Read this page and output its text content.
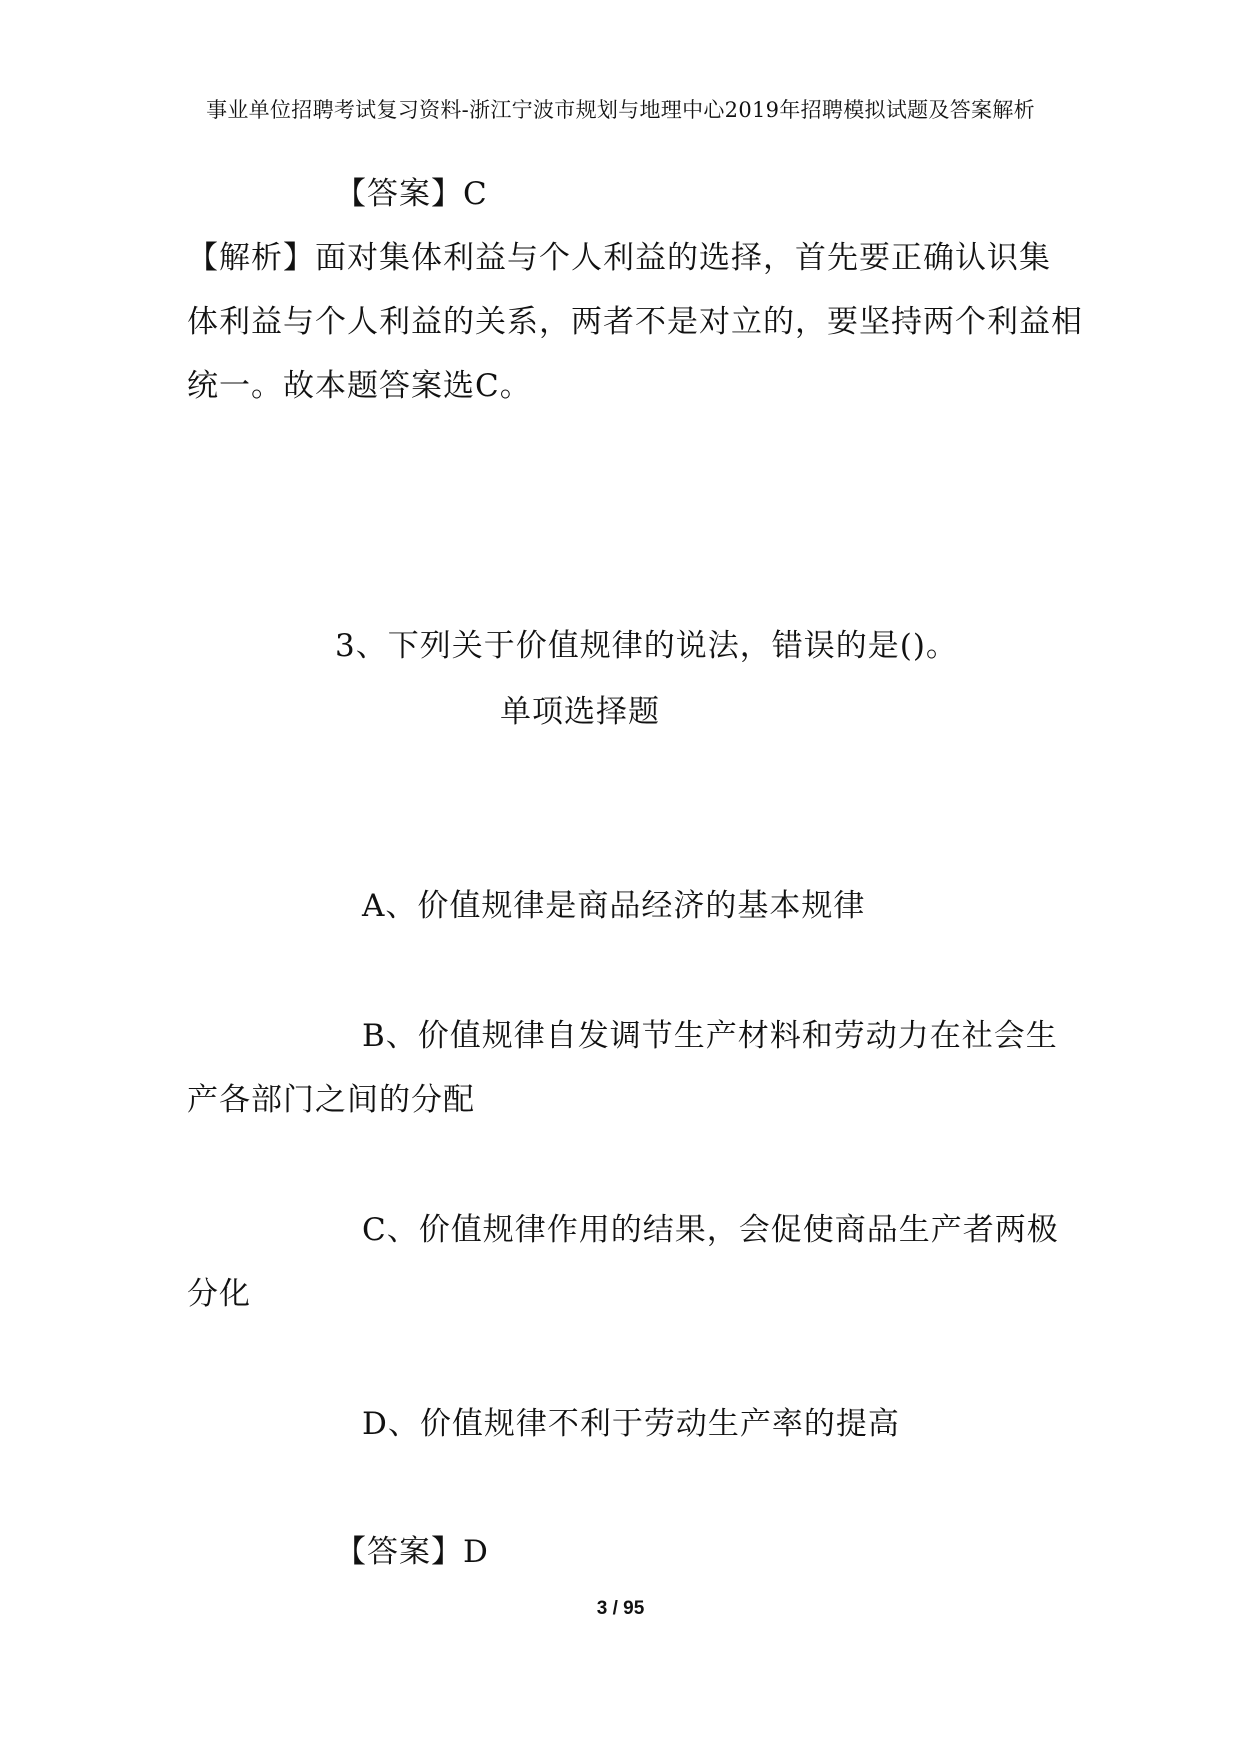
事业单位招聘考试复习资料-浙江宁波市规划与地理中心2019年招聘模拟试题及答案解析
【答案】C
【解析】面对集体利益与个人利益的选择，首先要正确认识集
体利益与个人利益的关系，两者不是对立的，要坚持两个利益相
统一。故本题答案选C。
3、下列关于价值规律的说法，错误的是()。
单项选择题
A、价值规律是商品经济的基本规律
B、价值规律自发调节生产材料和劳动力在社会生
产各部门之间的分配
C、价值规律作用的结果，会促使商品生产者两极
分化
D、价值规律不利于劳动生产率的提高
【答案】D
3 / 95
